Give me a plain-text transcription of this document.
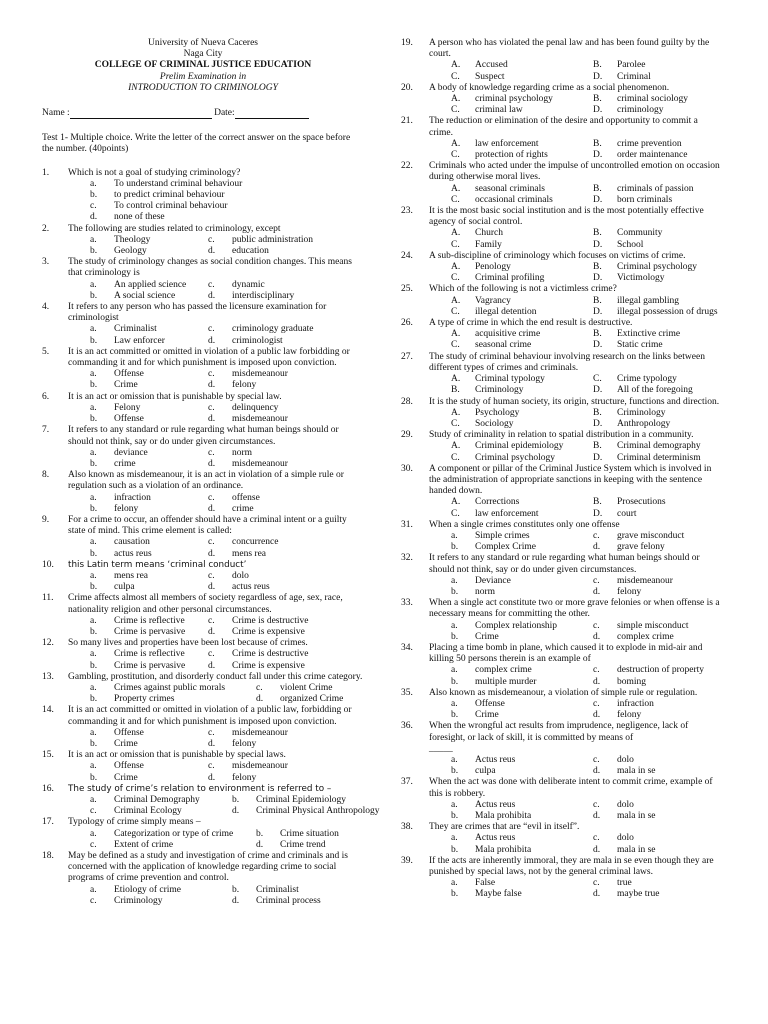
University of Nueva Caceres
Naga City
COLLEGE OF CRIMINAL JUSTICE EDUCATION
Prelim Examination in
INTRODUCTION TO CRIMINOLOGY
Name :	Date:
Test 1- Multiple choice. Write the letter of the correct answer on the space before the number. (40points)
1. Which is not a goal of studying criminology?
a. To understand criminal behaviour
b. to predict criminal behaviour
c. To control criminal behaviour
d. none of these
2. The following are studies related to criminology, except
a. Theology	c. public administration
b. Geology	d. education
3. The study of criminology changes as social condition changes. This means that criminology is
a. An applied science	c. dynamic
b. A social science	d. interdisciplinary
4. It refers to any person who has passed the licensure examination for criminologist
a. Criminalist	c. criminology graduate
b. Law enforcer	d. criminologist
5. It is an act committed or omitted in violation of a public law forbidding or commanding it and for which punishment is imposed upon conviction.
a. Offense	c. misdemeanour
b. Crime	d. felony
6. It is an act or omission that is punishable by special law.
a. Felony	c. delinquency
b. Offense	d. misdemeanour
7. It refers to any standard or rule regarding what human beings should or should not think, say or do under given circumstances.
a. deviance	c. norm
b. crime	d. misdemeanour
8. Also known as misdemeanour, it is an act in violation of a simple rule or regulation such as a violation of an ordinance.
a. infraction	c. offense
b. felony	d. crime
9. For a crime to occur, an offender should have a criminal intent or a guilty state of mind. This crime element is called:
a. causation	c. concurrence
b. actus reus	d. mens rea
10. this Latin term means ‘criminal conduct’
a. mens rea	c. dolo
b. culpa	d. actus reus
11. Crime affects almost all members of society regardless of age, sex, race, nationality religion and other personal circumstances.
a. Crime is reflective	c. Crime is destructive
b. Crime is pervasive	d. Crime is expensive
12. So many lives and properties have been lost because of crimes.
a. Crime is reflective	c. Crime is destructive
b. Crime is pervasive	d. Crime is expensive
13. Gambling, prostitution, and disorderly conduct fall under this crime category.
a. Crimes against public morals	c. violent Crime
b. Property crimes	d. organized Crime
14. It is an act committed or omitted in violation of a public law, forbidding or commanding it and for which punishment is imposed upon conviction.
a. Offense	c. misdemeanour
b. Crime	d. felony
15. It is an act or omission that is punishable by special laws.
a. Offense	c. misdemeanour
b. Crime	d. felony
16. The study of crime’s relation to environment is referred to –
a. Criminal Demography	b. Criminal Epidemiology
c. Criminal Ecology	d. Criminal Physical Anthropology
17. Typology of crime simply means –
a. Categorization or type of crime	b. Crime situation
c. Extent of crime	d. Crime trend
18. May be defined as a study and investigation of crime and criminals and is concerned with the application of knowledge regarding crime to social programs of crime prevention and control.
a. Etiology of crime	b. Criminalist
c. Criminology	d. Criminal process
19. A person who has violated the penal law and has been found guilty by the court.
A. Accused	B. Parolee
C. Suspect	D. Criminal
20. A body of knowledge regarding crime as a social phenomenon.
A. criminal psychology	B. criminal sociology
C. criminal law	D. criminology
21. The reduction or elimination of the desire and opportunity to commit a crime.
A. law enforcement	B. crime prevention
C. protection of rights	D. order maintenance
22. Criminals who acted under the impulse of uncontrolled emotion on occasion during otherwise moral lives.
A. seasonal criminals	B. criminals of passion
C. occasional criminals	D. born criminals
23. It is the most basic social institution and is the most potentially effective agency of social control.
A. Church	B. Community
C. Family	D. School
24. A sub-discipline of criminology which focuses on victims of crime.
A. Penology	B. Criminal psychology
C. Criminal profiling	D. Victimology
25. Which of the following is not a victimless crime?
A. Vagrancy	B. illegal gambling
C. illegal detention	D. illegal possession of drugs
26. A type of crime in which the end result is destructive.
A. acquisitive crime	B. Extinctive crime
C. seasonal crime	D. Static crime
27. The study of criminal behaviour involving research on the links between different types of crimes and criminals.
A. Criminal typology	C. Crime typology
B. Criminology	D. All of the foregoing
28. It is the study of human society, its origin, structure, functions and direction.
A. Psychology	B. Criminology
C. Sociology	D. Anthropology
29. Study of criminality in relation to spatial distribution in a community.
A. Criminal epidemiology	B. Criminal demography
C. Criminal psychology	D. Criminal determinism
30. A component or pillar of the Criminal Justice System which is involved in the administration of appropriate sanctions in keeping with the sentence handed down.
A. Corrections	B. Prosecutions
C. law enforcement	D. court
31. When a single crimes constitutes only one offense
a. Simple crimes	c. grave misconduct
b. Complex Crime	d. grave felony
32. It refers to any standard or rule regarding what human beings should or should not think, say or do under given circumstances.
a. Deviance	c. misdemeanour
b. norm	d. felony
33. When a single act constitute two or more grave felonies or when offense is a necessary means for committing the other.
a. Complex relationship	c. simple misconduct
b. Crime	d. complex crime
34. Placing a time bomb in plane, which caused it to explode in mid-air and killing 50 persons therein is an example of
a. complex crime	c. destruction of property
b. multiple murder	d. boming
35. Also known as misdemeanour, a violation of simple rule or regulation.
a. Offense	c. infraction
b. Crime	d. felony
36. When the wrongful act results from imprudence, negligence, lack of foresight, or lack of skill, it is committed by means of
_____
a. Actus reus	c. dolo
b. culpa	d. mala in se
37. When the act was done with deliberate intent to commit crime, example of this is robbery.
a. Actus reus	c. dolo
b. Mala prohibita	d. mala in se
38. They are crimes that are “evil in itself”.
a. Actus reus	c. dolo
b. Mala prohibita	d. mala in se
39. If the acts are inherently immoral, they are mala in se even though they are punished by special laws, not by the general criminal laws.
a. False	c. true
b. Maybe false	d. maybe true
